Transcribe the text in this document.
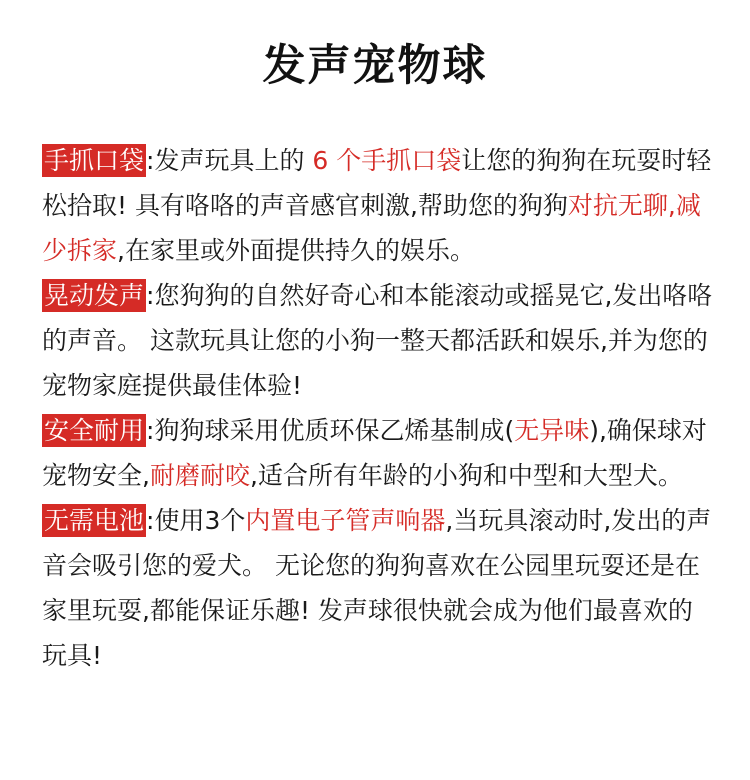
发声宠物球

手抓口袋:发声玩具上的 6 个手抓口袋让您的狗狗在玩耍时轻松拾取! 具有咯咯的声音感官刺激,帮助您的狗狗对抗无聊,减少拆家,在家里或外面提供持久的娱乐。

晃动发声:您狗狗的自然好奇心和本能滚动或摇晃它,发出咯咯的声音。 这款玩具让您的小狗一整天都活跃和娱乐,并为您的宠物家庭提供最佳体验!

安全耐用:狗狗球采用优质环保乙烯基制成(无异味),确保球对宠物安全,耐磨耐咬,适合所有年龄的小狗和中型和大型犬。

无需电池:使用3个内置电子管声响器,当玩具滚动时,发出的声音会吸引您的爱犬。 无论您的狗狗喜欢在公园里玩耍还是在家里玩耍,都能保证乐趣! 发声球很快就会成为他们最喜欢的玩具!
